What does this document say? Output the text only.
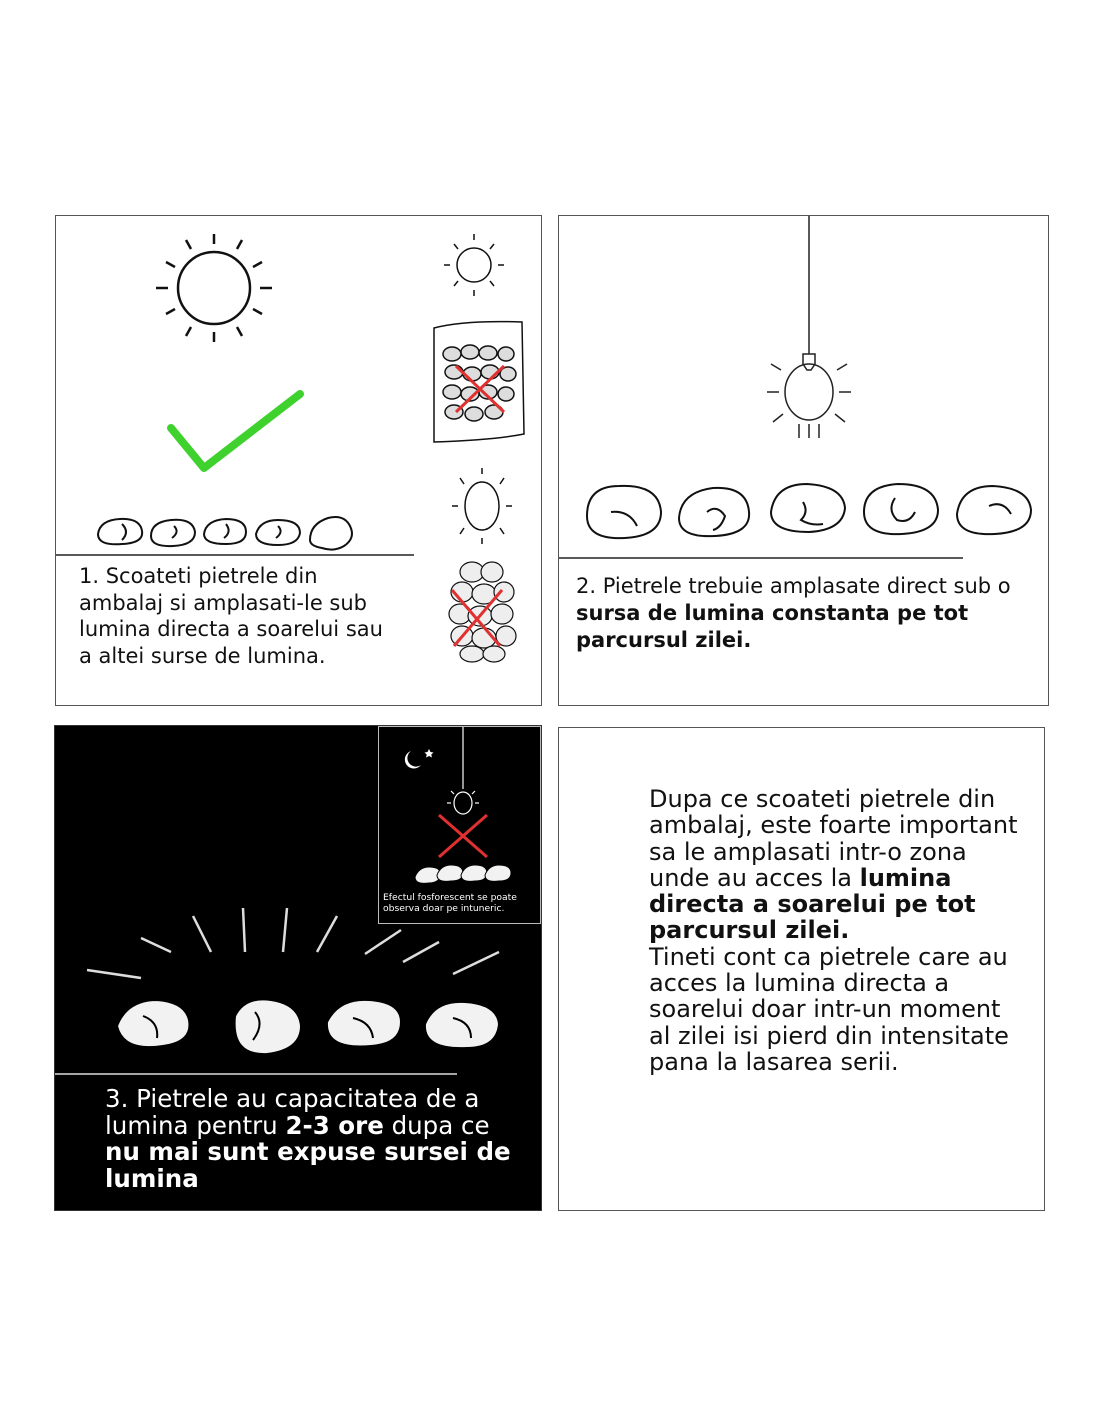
1. Scoateti pietrele din ambalaj si amplasati-le sub lumina directa a soarelui sau a altei surse de lumina.

2. Pietrele trebuie amplasate direct sub o sursa de lumina constanta pe tot parcursul zilei.

Efectul fosforescent se poate observa doar pe intuneric.

3. Pietrele au capacitatea de a lumina pentru 2-3 ore dupa ce nu mai sunt expuse sursei de lumina

Dupa ce scoateti pietrele din ambalaj, este foarte important sa le amplasati intr-o zona unde au acces la lumina directa a soarelui pe tot parcursul zilei.
Tineti cont ca pietrele care au acces la lumina directa a soarelui doar intr-un moment al zilei isi pierd din intensitate pana la lasarea serii.
